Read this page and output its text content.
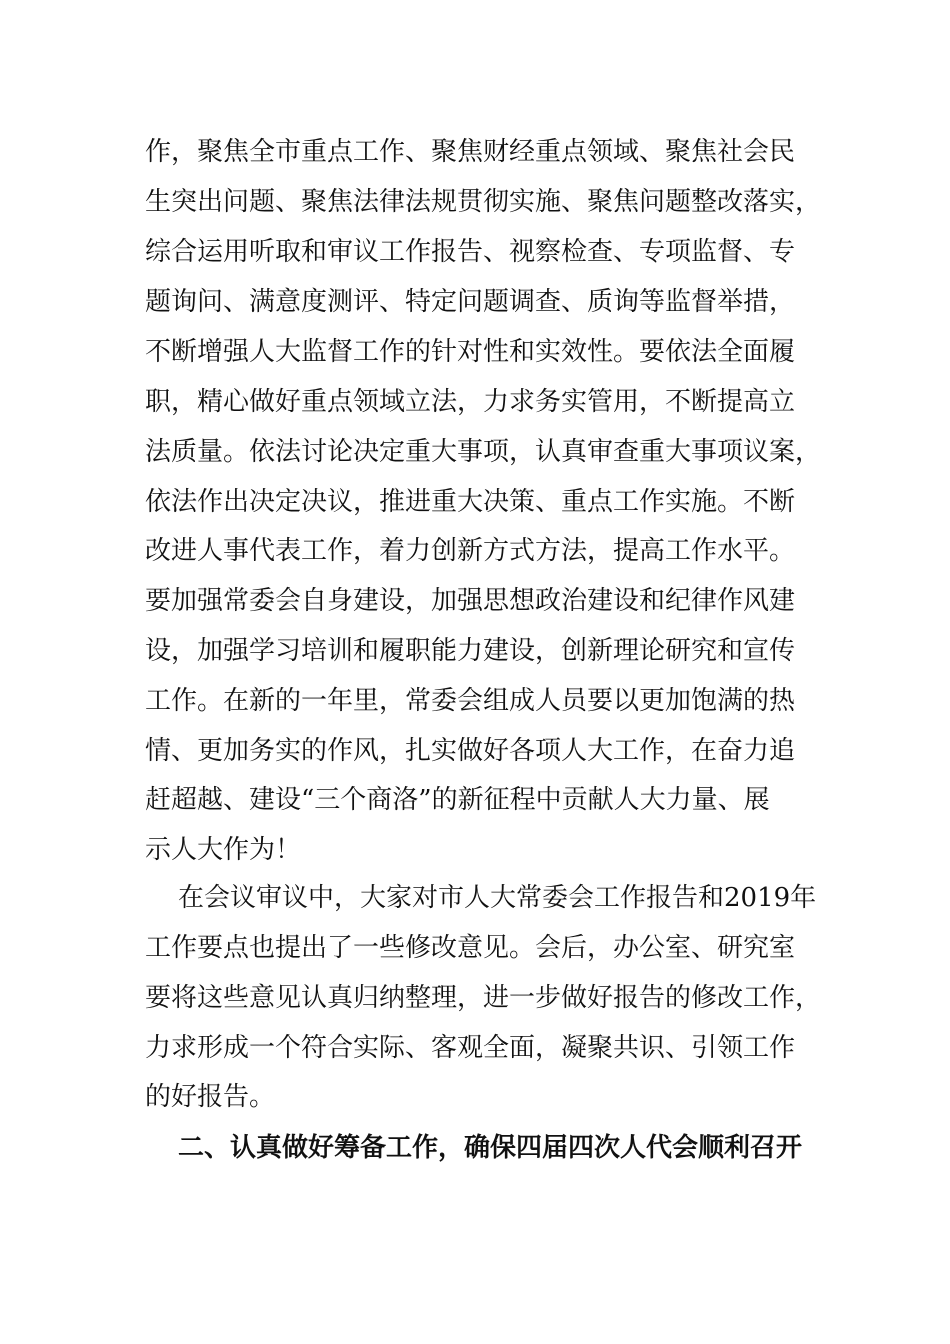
作，聚焦全市重点工作、聚焦财经重点领域、聚焦社会民
生突出问题、聚焦法律法规贯彻实施、聚焦问题整改落实，
综合运用听取和审议工作报告、视察检查、专项监督、专
题询问、满意度测评、特定问题调查、质询等监督举措，
不断增强人大监督工作的针对性和实效性。要依法全面履
职，精心做好重点领域立法，力求务实管用，不断提高立
法质量。依法讨论决定重大事项，认真审查重大事项议案，
依法作出决定决议，推进重大决策、重点工作实施。不断
改进人事代表工作，着力创新方式方法，提高工作水平。
要加强常委会自身建设，加强思想政治建设和纪律作风建
设，加强学习培训和履职能力建设，创新理论研究和宣传
工作。在新的一年里，常委会组成人员要以更加饱满的热
情、更加务实的作风，扎实做好各项人大工作，在奋力追
赶超越、建设“三个商洛”的新征程中贡献人大力量、展
示人大作为！
在会议审议中，大家对市人大常委会工作报告和2019年
工作要点也提出了一些修改意见。会后，办公室、研究室
要将这些意见认真归纳整理，进一步做好报告的修改工作，
力求形成一个符合实际、客观全面，凝聚共识、引领工作
的好报告。
二、认真做好筹备工作，确保四届四次人代会顺利召开
